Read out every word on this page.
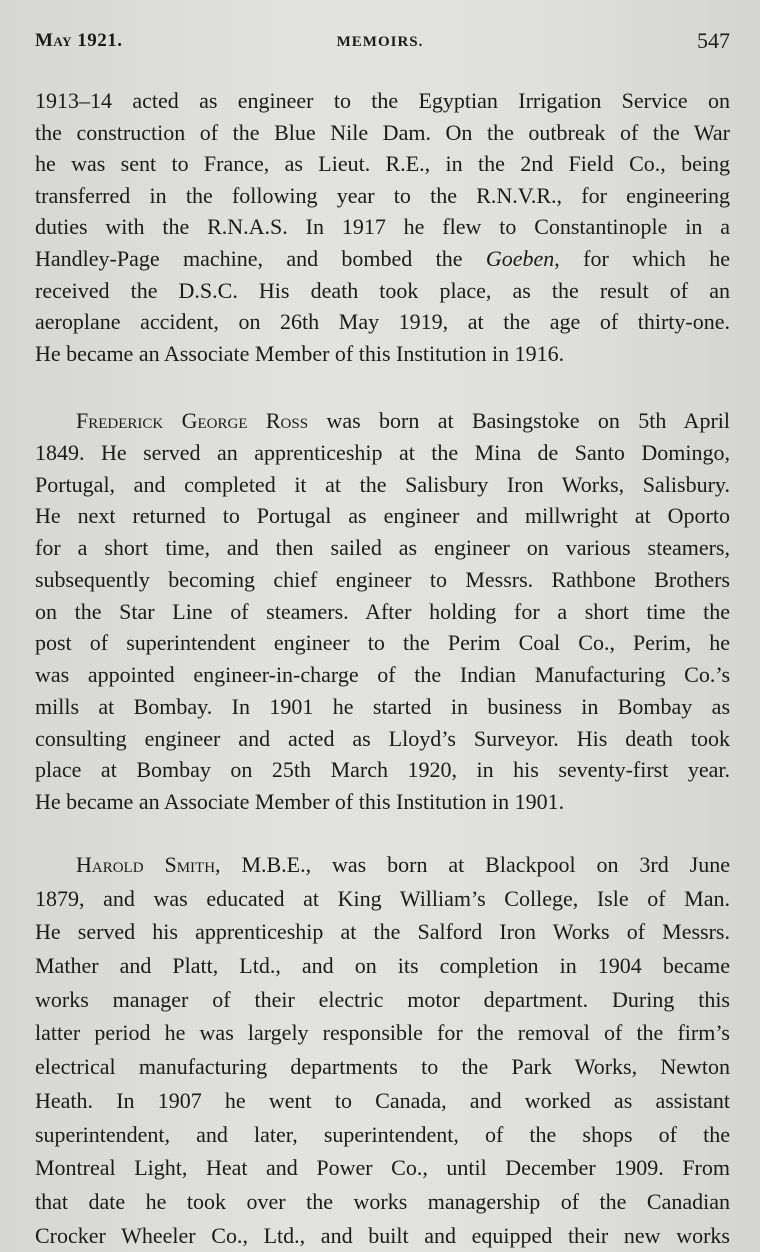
May 1921.	MEMOIRS.	547
1913–14 acted as engineer to the Egyptian Irrigation Service on
the construction of the Blue Nile Dam. On the outbreak of the War
he was sent to France, as Lieut. R.E., in the 2nd Field Co., being
transferred in the following year to the R.N.V.R., for engineering
duties with the R.N.A.S. In 1917 he flew to Constantinople in a
Handley-Page machine, and bombed the Goeben, for which he
received the D.S.C. His death took place, as the result of an
aeroplane accident, on 26th May 1919, at the age of thirty-one.
He became an Associate Member of this Institution in 1916.
Frederick George Ross was born at Basingstoke on 5th April
1849. He served an apprenticeship at the Mina de Santo Domingo,
Portugal, and completed it at the Salisbury Iron Works, Salisbury.
He next returned to Portugal as engineer and millwright at Oporto
for a short time, and then sailed as engineer on various steamers,
subsequently becoming chief engineer to Messrs. Rathbone Brothers
on the Star Line of steamers. After holding for a short time the
post of superintendent engineer to the Perim Coal Co., Perim, he
was appointed engineer-in-charge of the Indian Manufacturing Co.’s
mills at Bombay. In 1901 he started in business in Bombay as
consulting engineer and acted as Lloyd’s Surveyor. His death took
place at Bombay on 25th March 1920, in his seventy-first year.
He became an Associate Member of this Institution in 1901.
Harold Smith, M.B.E., was born at Blackpool on 3rd June
1879, and was educated at King William’s College, Isle of Man.
He served his apprenticeship at the Salford Iron Works of Messrs.
Mather and Platt, Ltd., and on its completion in 1904 became
works manager of their electric motor department. During this
latter period he was largely responsible for the removal of the firm’s
electrical manufacturing departments to the Park Works, Newton
Heath. In 1907 he went to Canada, and worked as assistant
superintendent, and later, superintendent, of the shops of the
Montreal Light, Heat and Power Co., until December 1909. From
that date he took over the works managership of the Canadian
Crocker Wheeler Co., Ltd., and built and equipped their new works
